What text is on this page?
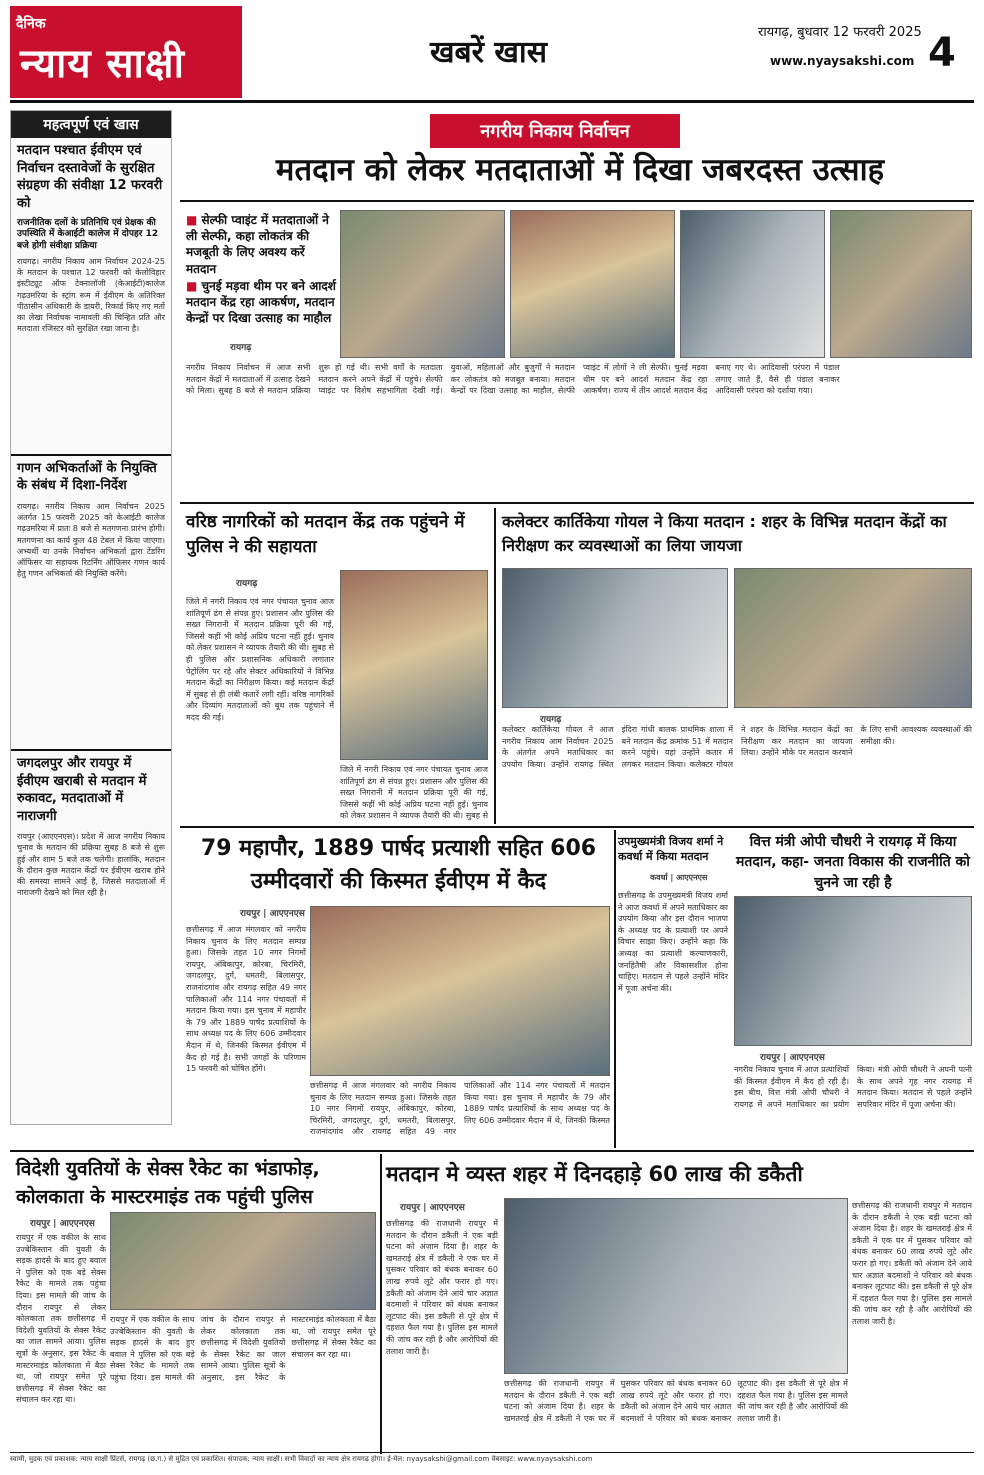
दैनिक
न्याय साक्षी	खबरें खास
रायगढ़, बुधवार 12 फरवरी 2025
www.nyaysakshi.com 4
महत्वपूर्ण एवं खास
मतदान पश्चात ईवीएम एवं निर्वाचन दस्तावेजों के सुरक्षित संग्रहण की संवीक्षा 12 फरवरी को
राजनीतिक दलों के प्रतिनिधि एवं प्रेक्षक की उपस्थिति में केआईटी कालेज में दोपहर 12 बजे होगी संवीक्षा प्रक्रिया
रायगढ़। नगरीय निकाय आम निर्वाचन 2024-25 के मतदान के पश्चात 12 फरवरी को केलोविहार इंस्टीट्यूट ऑफ टेक्नालॉजी (केआईटी)कालेज गढ़उमरिया के स्ट्रांग रूम में ईवीएम के अतिरिक्त पीठासीन अधिकारी के डायरी, रिकार्ड किए गए मतों का लेखा निर्वाचक नामावली की चिन्हित प्रति और मतदाता रजिस्टर को सुरक्षित रखा जाना है।
गणन अभिकर्ताओं के नियुक्ति के संबंध में दिशा-निर्देश
रायगढ़। नगरीय निकाय आम निर्वाचन 2025 अंतर्गत 15 फरवरी 2025 को केआईटी कालेज गढ़उमरिया में प्रातः 8 बजे से मतगणना प्रारंभ होगी। मतगणना का कार्य कुल 48 टेबल में किया जाएगा। अभ्यर्थी या उनके निर्वाचन अभिकर्ता द्वारा टेंडरिंग ऑफिसर या सहायक रिटर्निंग ऑफिसर गणन कार्य हेतु गणन अभिकर्ता की नियुक्ति करेंगे।
जगदलपुर और रायपुर में ईवीएम खराबी से मतदान में रुकावट, मतदाताओं में नाराजगी
रायपुर (आएएनएस)। प्रदेश में आज नगरीय निकाय चुनाव के मतदान की प्रक्रिया सुबह 8 बजे से शुरू हुई और शाम 5 बजे तक चलेगी। हालांकि, मतदान के दौरान कुछ मतदान केंद्रों पर ईवीएम खराब होने की समस्या सामने आई है, जिससे मतदाताओं में नाराजगी देखने को मिल रही है।
नगरीय निकाय निर्वाचन
मतदान को लेकर मतदाताओं में दिखा जबरदस्त उत्साह
■ सेल्फी प्वाइंट में मतदाताओं ने ली सेल्फी, कहा लोकतंत्र की मजबूती के लिए अवश्य करें मतदान
■ चुनई मड़वा थीम पर बने आदर्श मतदान केंद्र रहा आकर्षण, मतदान केन्द्रों पर दिखा उत्साह का माहौल
रायगढ़
नगरीय निकाय निर्वाचन में आज सभी मतदान केंद्रों में मतदाताओं में उत्साह देखने को मिला। सुबह 8 बजे से मतदान प्रक्रिया शुरू हो गई थी। सभी वर्गों के मतदाता मतदान करने अपने केंद्रों में पहुंचे। सेल्फी प्वाइंट पर विशेष सहभागिता देखी गई। युवाओं, महिलाओं और बुजुर्गों ने मतदान कर लोकतंत्र को मजबूत बनाया। मतदान केन्द्रों पर दिखा उत्साह का माहौल, सेल्फी प्वाइंट में लोगों ने ली सेल्फी। चुनई मड़वा थीम पर बने आदर्श मतदान केंद्र रहा आकर्षण। राज्य में तीन आदर्श मतदान केंद्र बनाए गए थे। आदिवासी परंपरा में पंडाल लगाए जाते हैं, वैसे ही पंडाल बनाकर आदिवासी परंपरा को दर्शाया गया।
वरिष्ठ नागरिकों को मतदान केंद्र तक पहुंचने में पुलिस ने की सहायता
रायगढ़
जिले में नगरी निकाय एवं नगर पंचायत चुनाव आज शांतिपूर्ण ढंग से संपन्न हुए। प्रशासन और पुलिस की सख्त निगरानी में मतदान प्रक्रिया पूरी की गई, जिससे कहीं भी कोई अप्रिय घटना नहीं हुई। चुनाव को लेकर प्रशासन ने व्यापक तैयारी की थी। सुबह से ही पुलिस और प्रशासनिक अधिकारी लगातार पेट्रोलिंग पर रहे और सेक्टर अधिकारियों ने विभिन्न मतदान केंद्रों का निरीक्षण किया। कई मतदान केंद्रों में सुबह से ही लंबी कतारें लगी रहीं। वरिष्ठ नागरिकों और दिव्यांग मतदाताओं को बूथ तक पहुंचाने में मदद की गई।
जिले में नगरी निकाय एवं नगर पंचायत चुनाव आज शांतिपूर्ण ढंग से संपन्न हुए। प्रशासन और पुलिस की सख्त निगरानी में मतदान प्रक्रिया पूरी की गई, जिससे कहीं भी कोई अप्रिय घटना नहीं हुई। चुनाव को लेकर प्रशासन ने व्यापक तैयारी की थी। सुबह से
कलेक्टर कार्तिकेया गोयल ने किया मतदान : शहर के विभिन्न मतदान केंद्रों का निरीक्षण कर व्यवस्थाओं का लिया जायजा
रायगढ़
कलेक्टर कार्तिकेया गोयल ने आज नगरीय निकाय आम निर्वाचन 2025 के अंतर्गत अपने मताधिकार का उपयोग किया। उन्होंने रायगढ़ स्थित इंदिरा गांधी बालक प्राथमिक शाला में बने मतदान केंद्र क्रमांक 51 में मतदान करने पहुंचे। यहां उन्होंने कतार में लगकर मतदान किया। कलेक्टर गोयल ने शहर के विभिन्न मतदान केंद्रों का निरीक्षण कर मतदान का जायजा लिया। उन्होंने मौके पर मतदान करवाने के लिए सभी आवश्यक व्यवस्थाओं की समीक्षा की।
79 महापौर, 1889 पार्षद प्रत्याशी सहित 606 उम्मीदवारों की किस्मत ईवीएम में कैद
रायपुर | आएएनएस
छत्तीसगढ़ में आज मंगलवार को नगरीय निकाय चुनाव के लिए मतदान सम्पन्न हुआ। जिसके तहत 10 नगर निगमों रायपुर, अंबिकापुर, कोरबा, चिरमिरी, जगदलपुर, दुर्ग, धमतरी, बिलासपुर, राजनांदगांव और रायगढ़ सहित 49 नगर पालिकाओं और 114 नगर पंचायतों में मतदान किया गया। इस चुनाव में महापौर के 79 और 1889 पार्षद प्रत्याशियों के साथ अध्यक्ष पद के लिए 606 उम्मीदवार मैदान में थे, जिनकी किस्मत ईवीएम में कैद हो गई है। सभी जगहों के परिणाम 15 फरवरी को घोषित होंगे।
छत्तीसगढ़ में आज मंगलवार को नगरीय निकाय चुनाव के लिए मतदान सम्पन्न हुआ। जिसके तहत 10 नगर निगमों रायपुर, अंबिकापुर, कोरबा, चिरमिरी, जगदलपुर, दुर्ग, धमतरी, बिलासपुर, राजनांदगांव और रायगढ़ सहित 49 नगर पालिकाओं और 114 नगर पंचायतों में मतदान किया गया। इस चुनाव में महापौर के 79 और 1889 पार्षद प्रत्याशियों के साथ अध्यक्ष पद के लिए 606 उम्मीदवार मैदान में थे, जिनकी किस्मत
उपमुख्यमंत्री विजय शर्मा ने कवर्धा में किया मतदान
कवर्धा | आएएनएस
छत्तीसगढ़ के उपमुख्यमंत्री विजय शर्मा ने आज कवर्धा में अपने मताधिकार का उपयोग किया और इस दौरान भाजपा के अध्यक्ष पद के प्रत्याशी पर अपने विचार साझा किए। उन्होंने कहा कि अध्यक्ष का प्रत्याशी कल्याणकारी, जनहितैषी और विकासशील होना चाहिए। मतदान से पहले उन्होंने मंदिर में पूजा अर्चना की।
वित्त मंत्री ओपी चौधरी ने रायगढ़ में किया मतदान, कहा- जनता विकास की राजनीति को चुनने जा रही है
रायपुर | आएएनएस
नगरीय निकाय चुनाव में आज प्रत्याशियों की किस्मत ईवीएम में कैद हो रही है। इस बीच, वित्त मंत्री ओपी चौधरी ने रायगढ़ में अपने मताधिकार का प्रयोग किया। मंत्री ओपी चौधरी ने अपनी पत्नी के साथ अपने गृह नगर रायगढ़ में मतदान किया। मतदान से पहले उन्होंने सपरिवार मंदिर में पूजा अर्चना की।
विदेशी युवतियों के सेक्स रैकेट का भंडाफोड़, कोलकाता के मास्टरमाइंड तक पहुंची पुलिस
रायपुर | आएएनएस
रायपुर में एक वकील के साथ उज्बेकिस्तान की युवती के सड़क हादसे के बाद हुए बवाल ने पुलिस को एक बड़े सेक्स रैकेट के मामले तक पहुंचा दिया। इस मामले की जांच के दौरान रायपुर से लेकर कोलकाता तक छत्तीसगढ़ में विदेशी युवतियों के सेक्स रैकेट का जाल सामने आया। पुलिस सूत्रों के अनुसार, इस रैकेट के मास्टरमाइंड कोलकाता में बैठा था, जो रायपुर समेत पूरे छत्तीसगढ़ में सेक्स रैकेट का संचालन कर रहा था।
रायपुर में एक वकील के साथ उज्बेकिस्तान की युवती के सड़क हादसे के बाद हुए बवाल ने पुलिस को एक बड़े सेक्स रैकेट के मामले तक पहुंचा दिया। इस मामले की जांच के दौरान रायपुर से लेकर कोलकाता तक छत्तीसगढ़ में विदेशी युवतियों के सेक्स रैकेट का जाल सामने आया। पुलिस सूत्रों के अनुसार, इस रैकेट के मास्टरमाइंड कोलकाता में बैठा था, जो रायपुर समेत पूरे छत्तीसगढ़ में सेक्स रैकेट का संचालन कर रहा था।
मतदान मे व्यस्त शहर में दिनदहाड़े 60 लाख की डकैती
रायपुर | आएएनएस
छत्तीसगढ़ की राजधानी रायपुर में मतदान के दौरान डकैती ने एक बड़ी घटना को अंजाम दिया है। शहर के खमतराई क्षेत्र में डकैती ने एक घर में घुसकर परिवार को बंधक बनाकर 60 लाख रुपये लूटे और फरार हो गए। डकैती को अंजाम देने आये चार अज्ञात बदमाशों ने परिवार को बंधक बनाकर लूटपाट की। इस डकैती से पूरे क्षेत्र में दहशत फैल गया है। पुलिस इस मामले की जांच कर रही है और आरोपियों की तलाश जारी है।
छत्तीसगढ़ की राजधानी रायपुर में मतदान के दौरान डकैती ने एक बड़ी घटना को अंजाम दिया है। शहर के खमतराई क्षेत्र में डकैती ने एक घर में घुसकर परिवार को बंधक बनाकर 60 लाख रुपये लूटे और फरार हो गए। डकैती को अंजाम देने आये चार अज्ञात बदमाशों ने परिवार को बंधक बनाकर लूटपाट की। इस डकैती से पूरे क्षेत्र में दहशत फैल गया है। पुलिस इस मामले की जांच कर रही है और आरोपियों की तलाश जारी है।
छत्तीसगढ़ की राजधानी रायपुर में मतदान के दौरान डकैती ने एक बड़ी घटना को अंजाम दिया है। शहर के खमतराई क्षेत्र में डकैती ने एक घर में घुसकर परिवार को बंधक बनाकर 60 लाख रुपये लूटे और फरार हो गए। डकैती को अंजाम देने आये चार अज्ञात बदमाशों ने परिवार को बंधक बनाकर लूटपाट की। इस डकैती से पूरे क्षेत्र में दहशत फैल गया है। पुलिस इस मामले की जांच कर रही है और आरोपियों की तलाश जारी है।
स्वामी, मुद्रक एवं प्रकाशक: न्याय साक्षी प्रिंटर्स, रायगढ़ (छ.ग.) से मुद्रित एवं प्रकाशित। संपादक: न्याय साक्षी। सभी विवादों का न्याय क्षेत्र रायगढ़ होगा। ई-मेल: nyaysakshi@gmail.com वेबसाइट: www.nyaysakshi.com
